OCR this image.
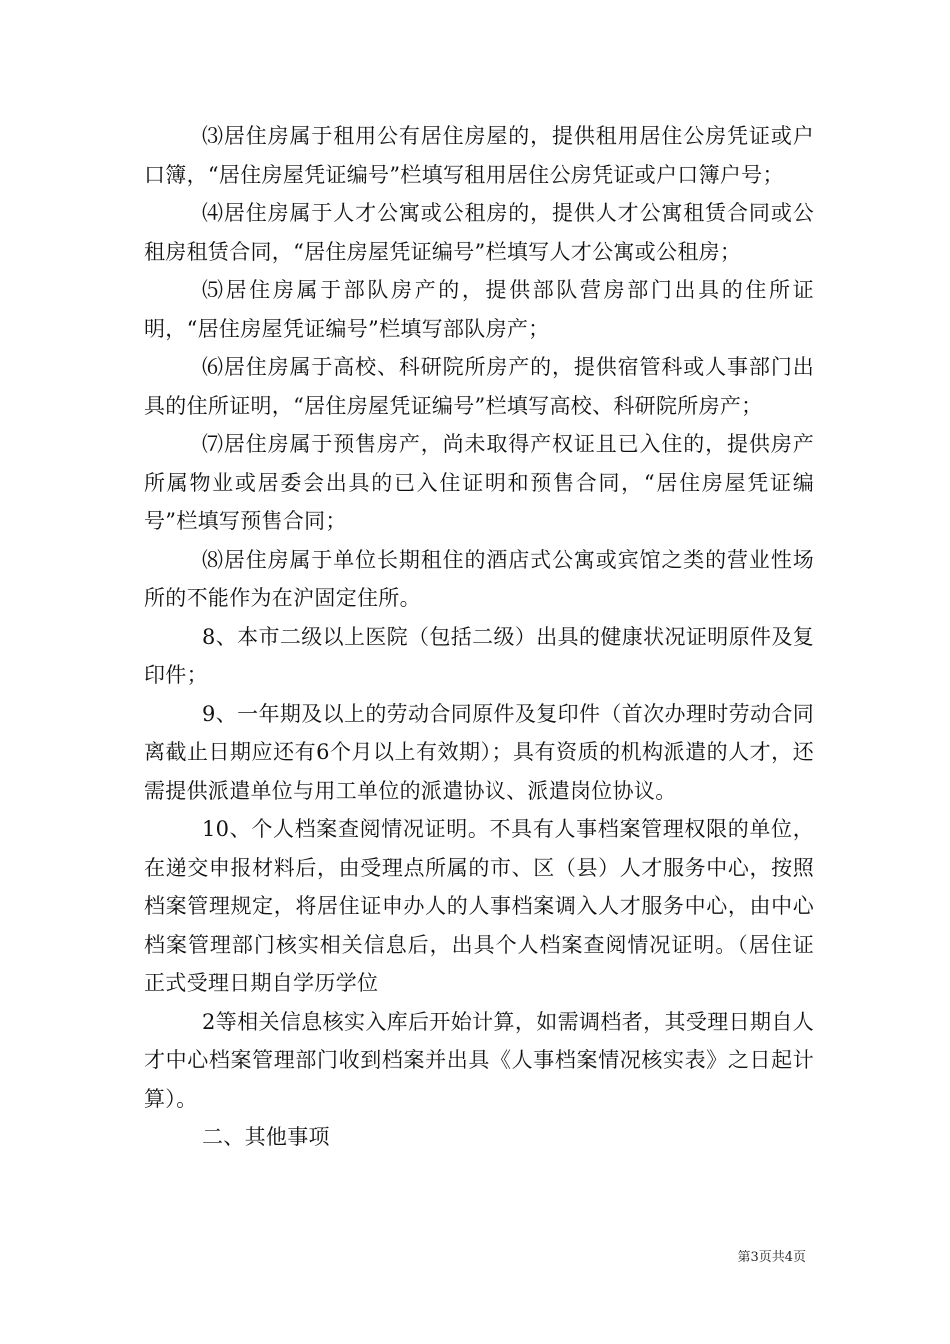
⑶居住房属于租用公有居住房屋的，提供租用居住公房凭证或户口簿，“居住房屋凭证编号”栏填写租用居住公房凭证或户口簿户号；

⑷居住房属于人才公寓或公租房的，提供人才公寓租赁合同或公租房租赁合同，“居住房屋凭证编号”栏填写人才公寓或公租房；

⑸居住房属于部队房产的，提供部队营房部门出具的住所证明，“居住房屋凭证编号”栏填写部队房产；

⑹居住房属于高校、科研院所房产的，提供宿管科或人事部门出具的住所证明，“居住房屋凭证编号”栏填写高校、科研院所房产；

⑺居住房属于预售房产，尚未取得产权证且已入住的，提供房产所属物业或居委会出具的已入住证明和预售合同，“居住房屋凭证编号”栏填写预售合同；

⑻居住房属于单位长期租住的酒店式公寓或宾馆之类的营业性场所的不能作为在沪固定住所。

8、本市二级以上医院（包括二级）出具的健康状况证明原件及复印件；

9、一年期及以上的劳动合同原件及复印件（首次办理时劳动合同离截止日期应还有6个月以上有效期）；具有资质的机构派遣的人才，还需提供派遣单位与用工单位的派遣协议、派遣岗位协议。

10、个人档案查阅情况证明。不具有人事档案管理权限的单位，在递交申报材料后，由受理点所属的市、区（县）人才服务中心，按照档案管理规定，将居住证申办人的人事档案调入人才服务中心，由中心档案管理部门核实相关信息后，出具个人档案查阅情况证明。（居住证正式受理日期自学历学位

2等相关信息核实入库后开始计算，如需调档者，其受理日期自人才中心档案管理部门收到档案并出具《人事档案情况核实表》之日起计算）。

二、其他事项

第3页共4页
